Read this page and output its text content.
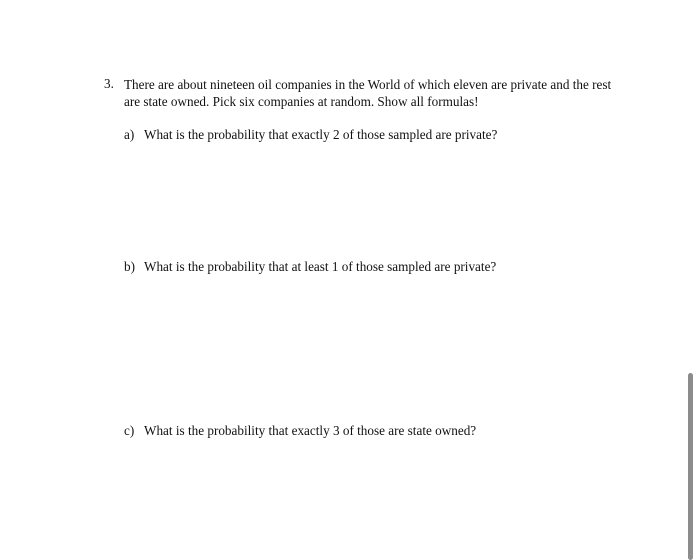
3. There are about nineteen oil companies in the World of which eleven are private and the rest are state owned. Pick six companies at random. Show all formulas!
a) What is the probability that exactly 2 of those sampled are private?
b) What is the probability that at least 1 of those sampled are private?
c) What is the probability that exactly 3 of those are state owned?
